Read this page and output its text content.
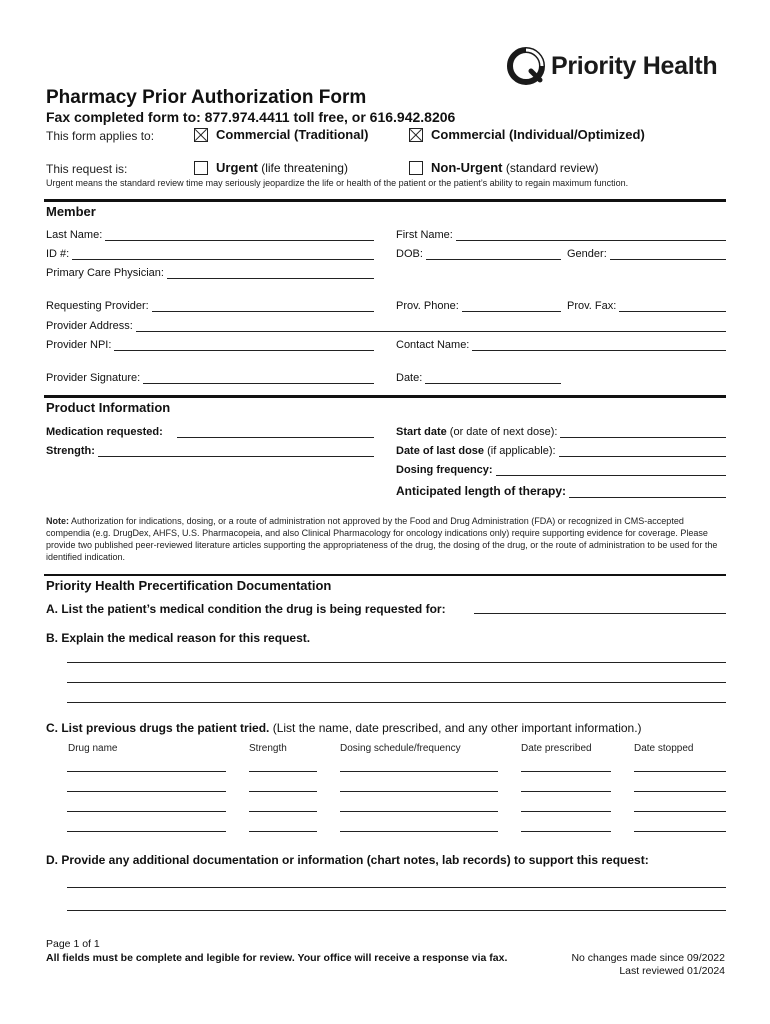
Priority Health
Pharmacy Prior Authorization Form
Fax completed form to: 877.974.4411 toll free, or 616.942.8206
This form applies to:	Commercial (Traditional)	Commercial (Individual/Optimized)
This request is:	Urgent (life threatening)	Non-Urgent (standard review)
Urgent means the standard review time may seriously jeopardize the life or health of the patient or the patient’s ability to regain maximum function.
Member
Last Name:	First Name:
ID #:	DOB:	Gender:
Primary Care Physician:
Requesting Provider:	Prov. Phone:	Prov. Fax:
Provider Address:
Provider NPI:	Contact Name:
Provider Signature:	Date:
Product Information
Medication requested:	Start date (or date of next dose):
Strength:	Date of last dose (if applicable):
Dosing frequency:
Anticipated length of therapy:
Note: Authorization for indications, dosing, or a route of administration not approved by the Food and Drug Administration (FDA) or recognized in CMS-accepted compendia (e.g. DrugDex, AHFS, U.S. Pharmacopeia, and also Clinical Pharmacology for oncology indications only) require supporting evidence for coverage. Please provide two published peer-reviewed literature articles supporting the appropriateness of the drug, the dosing of the drug, or the route of administration to be used for the identified indication.
Priority Health Precertification Documentation
A. List the patient’s medical condition the drug is being requested for:
B. Explain the medical reason for this request.
C. List previous drugs the patient tried. (List the name, date prescribed, and any other important information.)
Drug name	Strength	Dosing schedule/frequency	Date prescribed	Date stopped
D. Provide any additional documentation or information (chart notes, lab records) to support this request:
Page 1 of 1
All fields must be complete and legible for review. Your office will receive a response via fax.	No changes made since 09/2022
Last reviewed 01/2024
